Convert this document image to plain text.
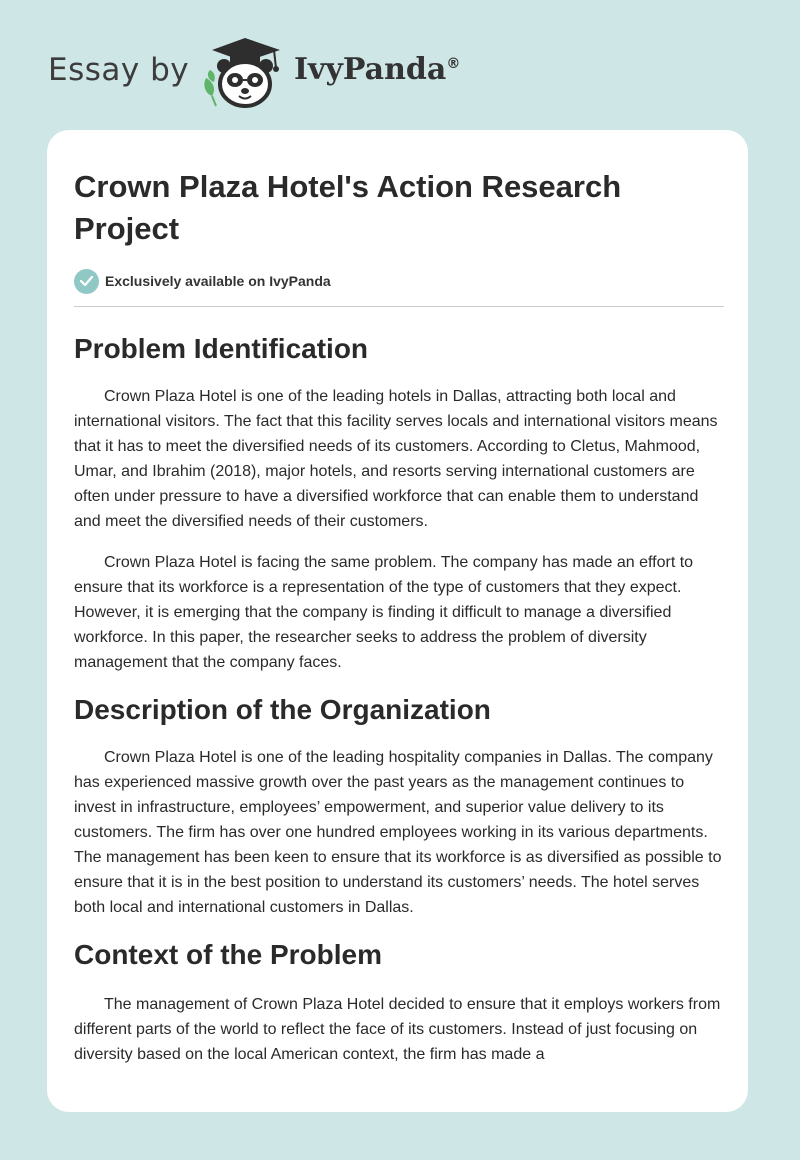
Essay by	IvyPanda®
Crown Plaza Hotel's Action Research Project
Exclusively available on IvyPanda
Problem Identification

Crown Plaza Hotel is one of the leading hotels in Dallas, attracting both local and international visitors. The fact that this facility serves locals and international visitors means that it has to meet the diversified needs of its customers. According to Cletus, Mahmood, Umar, and Ibrahim (2018), major hotels, and resorts serving international customers are often under pressure to have a diversified workforce that can enable them to understand and meet the diversified needs of their customers.

Crown Plaza Hotel is facing the same problem. The company has made an effort to ensure that its workforce is a representation of the type of customers that they expect. However, it is emerging that the company is finding it difficult to manage a diversified workforce. In this paper, the researcher seeks to address the problem of diversity management that the company faces.

Description of the Organization

Crown Plaza Hotel is one of the leading hospitality companies in Dallas. The company has experienced massive growth over the past years as the management continues to invest in infrastructure, employees’ empowerment, and superior value delivery to its customers. The firm has over one hundred employees working in its various departments. The management has been keen to ensure that its workforce is as diversified as possible to ensure that it is in the best position to understand its customers’ needs. The hotel serves both local and international customers in Dallas.

Context of the Problem

The management of Crown Plaza Hotel decided to ensure that it employs workers from different parts of the world to reflect the face of its customers. Instead of just focusing on diversity based on the local American context, the firm has made a
